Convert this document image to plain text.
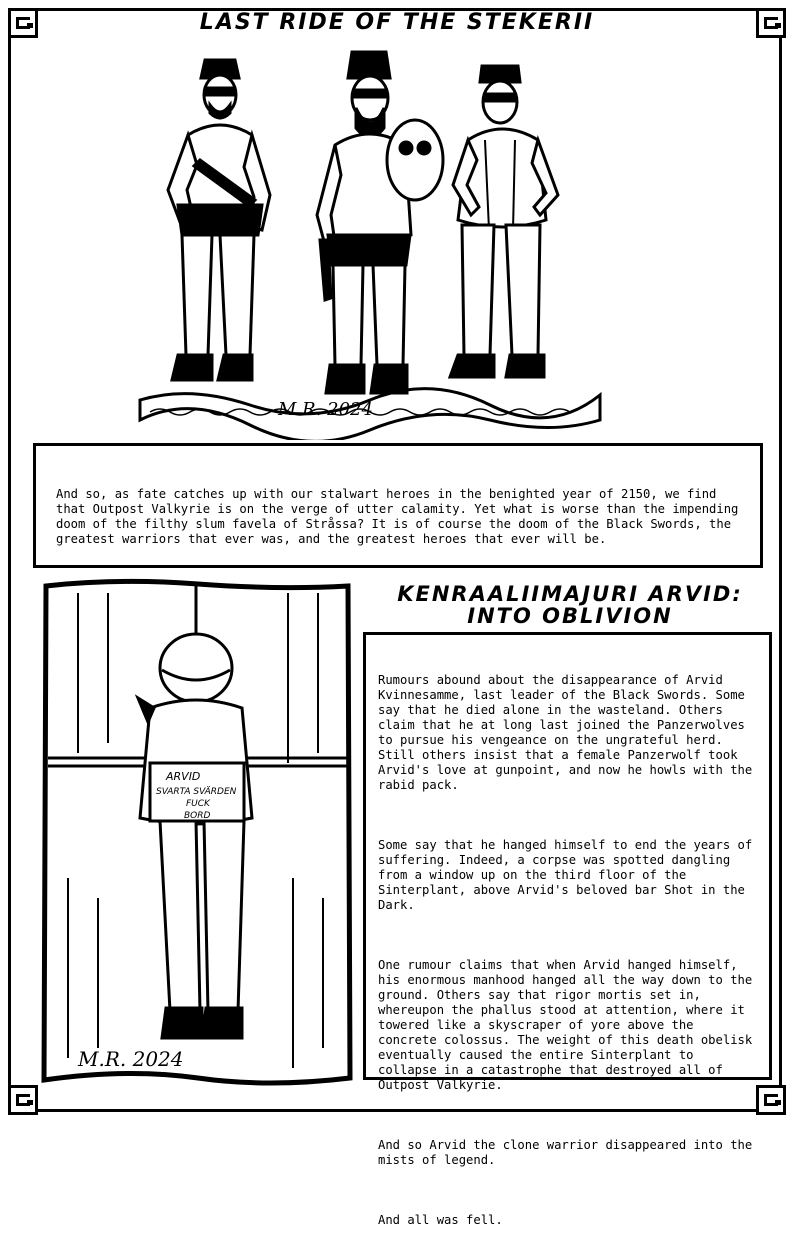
LAST RIDE OF THE STEKERII
M.R. 2024

And so, as fate catches up with our stalwart heroes in the benighted year of 2150, we find that Outpost Valkyrie is on the verge of utter calamity. Yet what is worse than the impending doom of the filthy slum favela of Stråssa? It is of course the doom of the Black Swords, the greatest warriors that ever was, and the greatest heroes that ever will be.

ARVID
SVARTA SVÄRDEN
FUCK
BORD
M.R. 2024
KENRAALIIMAJURI ARVID:
INTO OBLIVION

Rumours abound about the disappearance of Arvid Kvinnesamme, last leader of the Black Swords. Some say that he died alone in the wasteland. Others claim that he at long last joined the Panzerwolves to pursue his vengeance on the ungrateful herd. Still others insist that a female Panzerwolf took Arvid's love at gunpoint, and now he howls with the rabid pack.

Some say that he hanged himself to end the years of suffering. Indeed, a corpse was spotted dangling from a window up on the third floor of the Sinterplant, above Arvid's beloved bar Shot in the Dark.

One rumour claims that when Arvid hanged himself, his enormous manhood hanged all the way down to the ground. Others say that rigor mortis set in, whereupon the phallus stood at attention, where it towered like a skyscraper of yore above the concrete colossus. The weight of this death obelisk eventually caused the entire Sinterplant to collapse in a catastrophe that destroyed all of Outpost Valkyrie.

And so Arvid the clone warrior disappeared into the mists of legend.

And all was fell.
